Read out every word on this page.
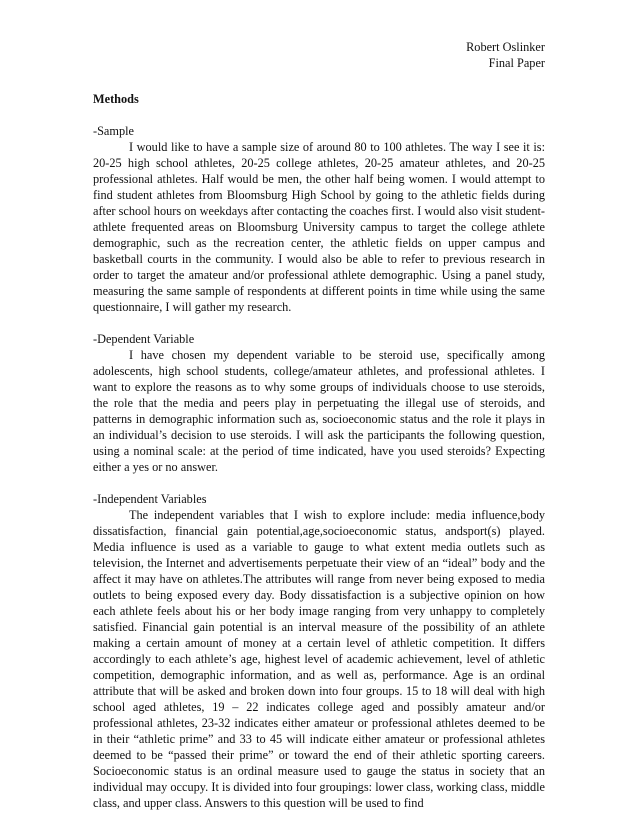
Robert Oslinker
Final Paper
Methods
-Sample

I would like to have a sample size of around 80 to 100 athletes. The way I see it is: 20-25 high school athletes, 20-25 college athletes, 20-25 amateur athletes, and 20-25 professional athletes. Half would be men, the other half being women. I would attempt to find student athletes from Bloomsburg High School by going to the athletic fields during after school hours on weekdays after contacting the coaches first. I would also visit student-athlete frequented areas on Bloomsburg University campus to target the college athlete demographic, such as the recreation center, the athletic fields on upper campus and basketball courts in the community. I would also be able to refer to previous research in order to target the amateur and/or professional athlete demographic. Using a panel study, measuring the same sample of respondents at different points in time while using the same questionnaire, I will gather my research.

-Dependent Variable

I have chosen my dependent variable to be steroid use, specifically among adolescents, high school students, college/amateur athletes, and professional athletes. I want to explore the reasons as to why some groups of individuals choose to use steroids, the role that the media and peers play in perpetuating the illegal use of steroids, and patterns in demographic information such as, socioeconomic status and the role it plays in an individual’s decision to use steroids. I will ask the participants the following question, using a nominal scale: at the period of time indicated, have you used steroids? Expecting either a yes or no answer.

-Independent Variables

The independent variables that I wish to explore include: media influence,body dissatisfaction, financial gain potential,age,socioeconomic status, andsport(s) played. Media influence is used as a variable to gauge to what extent media outlets such as television, the Internet and advertisements perpetuate their view of an “ideal” body and the affect it may have on athletes.The attributes will range from never being exposed to media outlets to being exposed every day. Body dissatisfaction is a subjective opinion on how each athlete feels about his or her body image ranging from very unhappy to completely satisfied. Financial gain potential is an interval measure of the possibility of an athlete making a certain amount of money at a certain level of athletic competition. It differs accordingly to each athlete’s age, highest level of academic achievement, level of athletic competition, demographic information, and as well as, performance. Age is an ordinal attribute that will be asked and broken down into four groups. 15 to 18 will deal with high school aged athletes, 19 – 22 indicates college aged and possibly amateur and/or professional athletes, 23-32 indicates either amateur or professional athletes deemed to be in their “athletic prime” and 33 to 45 will indicate either amateur or professional athletes deemed to be “passed their prime” or toward the end of their athletic sporting careers. Socioeconomic status is an ordinal measure used to gauge the status in society that an individual may occupy. It is divided into four groupings: lower class, working class, middle class, and upper class. Answers to this question will be used to find
